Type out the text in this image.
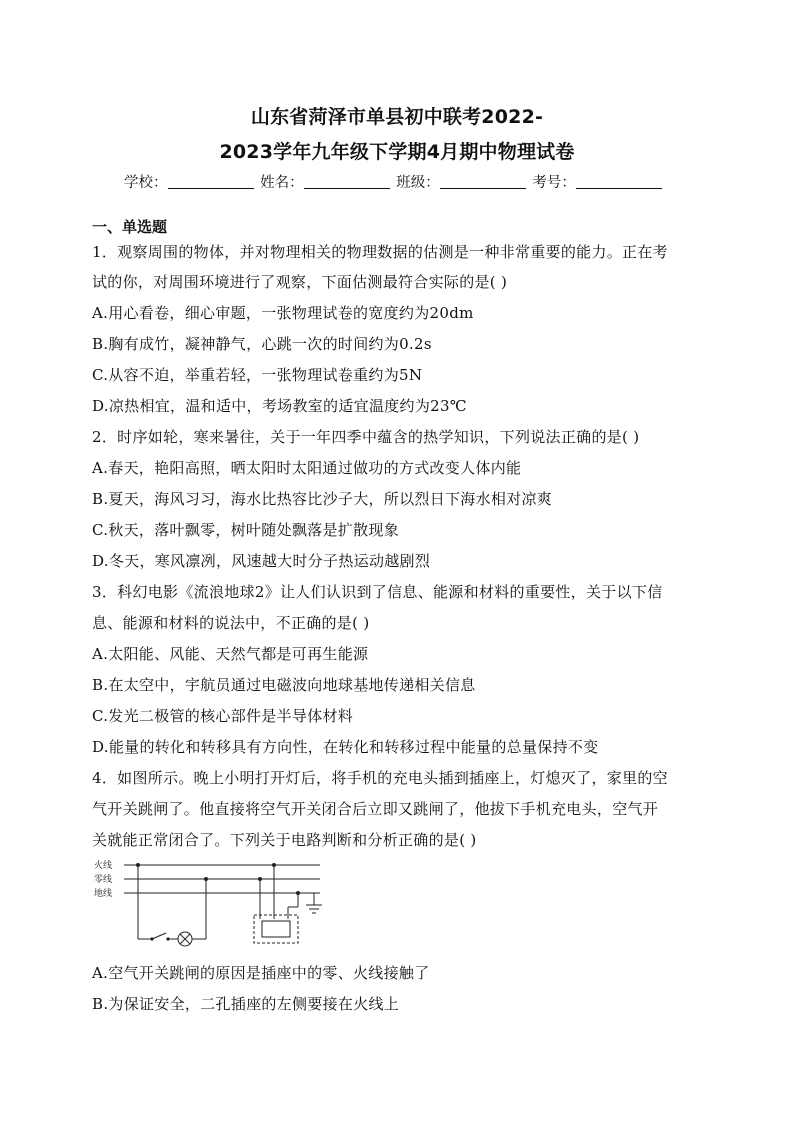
山东省菏泽市单县初中联考2022-
2023学年九年级下学期4月期中物理试卷
学校：	姓名：	班级：	考号：
一、单选题
1．观察周围的物体，并对物理相关的物理数据的估测是一种非常重要的能力。正在考
试的你，对周围环境进行了观察，下面估测最符合实际的是( )
A.用心看卷，细心审题，一张物理试卷的宽度约为20dm
B.胸有成竹，凝神静气，心跳一次的时间约为0.2s
C.从容不迫，举重若轻，一张物理试卷重约为5N
D.凉热相宜，温和适中，考场教室的适宜温度约为23℃
2．时序如轮，寒来暑往，关于一年四季中蕴含的热学知识，下列说法正确的是( )
A.春天，艳阳高照，晒太阳时太阳通过做功的方式改变人体内能
B.夏天，海风习习，海水比热容比沙子大，所以烈日下海水相对凉爽
C.秋天，落叶飘零，树叶随处飘落是扩散现象
D.冬天，寒风凛冽，风速越大时分子热运动越剧烈
3．科幻电影《流浪地球2》让人们认识到了信息、能源和材料的重要性，关于以下信
息、能源和材料的说法中，不正确的是( )
A.太阳能、风能、天然气都是可再生能源
B.在太空中，宇航员通过电磁波向地球基地传递相关信息
C.发光二极管的核心部件是半导体材料
D.能量的转化和转移具有方向性，在转化和转移过程中能量的总量保持不变
4．如图所示。晚上小明打开灯后，将手机的充电头插到插座上，灯熄灭了，家里的空
气开关跳闸了。他直接将空气开关闭合后立即又跳闸了，他拔下手机充电头，空气开
关就能正常闭合了。下列关于电路判断和分析正确的是( )
火线
零线
地线
A.空气开关跳闸的原因是插座中的零、火线接触了
B.为保证安全，二孔插座的左侧要接在火线上
